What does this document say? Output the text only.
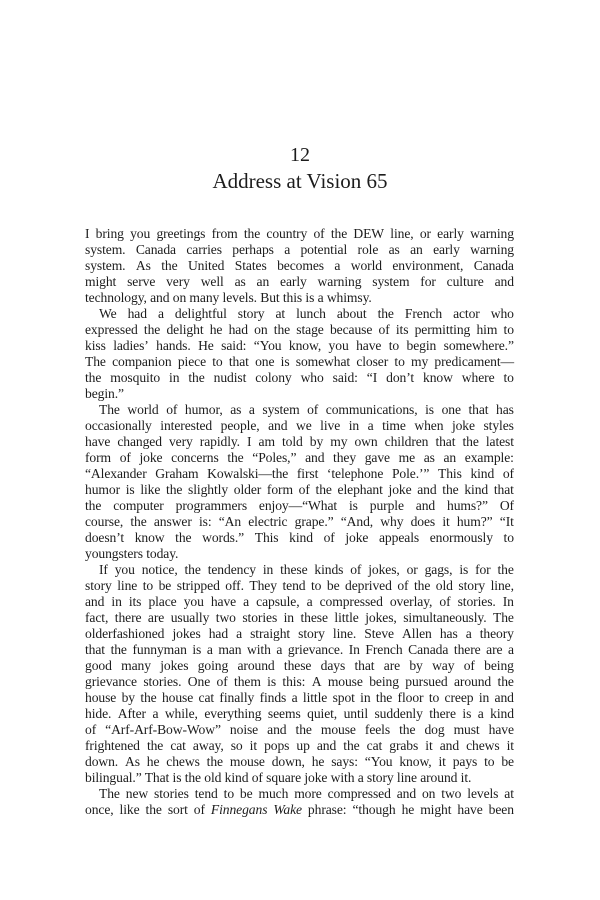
12
Address at Vision 65
I bring you greetings from the country of the DEW line, or early warning
system. Canada carries perhaps a potential role as an early warning
system. As the United States becomes a world environment, Canada
might serve very well as an early warning system for culture and
technology, and on many levels. But this is a whimsy.
We had a delightful story at lunch about the French actor who
expressed the delight he had on the stage because of its permitting him to
kiss ladies’ hands. He said: “You know, you have to begin somewhere.”
The companion piece to that one is somewhat closer to my predicament—
the mosquito in the nudist colony who said: “I don’t know where to
begin.”
The world of humor, as a system of communications, is one that has
occasionally interested people, and we live in a time when joke styles
have changed very rapidly. I am told by my own children that the latest
form of joke concerns the “Poles,” and they gave me as an example:
“Alexander Graham Kowalski—the first ‘telephone Pole.’” This kind of
humor is like the slightly older form of the elephant joke and the kind that
the computer programmers enjoy—“What is purple and hums?” Of
course, the answer is: “An electric grape.” “And, why does it hum?” “It
doesn’t know the words.” This kind of joke appeals enormously to
youngsters today.
If you notice, the tendency in these kinds of jokes, or gags, is for the
story line to be stripped off. They tend to be deprived of the old story line,
and in its place you have a capsule, a compressed overlay, of stories. In
fact, there are usually two stories in these little jokes, simultaneously. The
olderfashioned jokes had a straight story line. Steve Allen has a theory
that the funnyman is a man with a grievance. In French Canada there are a
good many jokes going around these days that are by way of being
grievance stories. One of them is this: A mouse being pursued around the
house by the house cat finally finds a little spot in the floor to creep in and
hide. After a while, everything seems quiet, until suddenly there is a kind
of “Arf-Arf-Bow-Wow” noise and the mouse feels the dog must have
frightened the cat away, so it pops up and the cat grabs it and chews it
down. As he chews the mouse down, he says: “You know, it pays to be
bilingual.” That is the old kind of square joke with a story line around it.
The new stories tend to be much more compressed and on two levels at
once, like the sort of Finnegans Wake phrase: “though he might have been
